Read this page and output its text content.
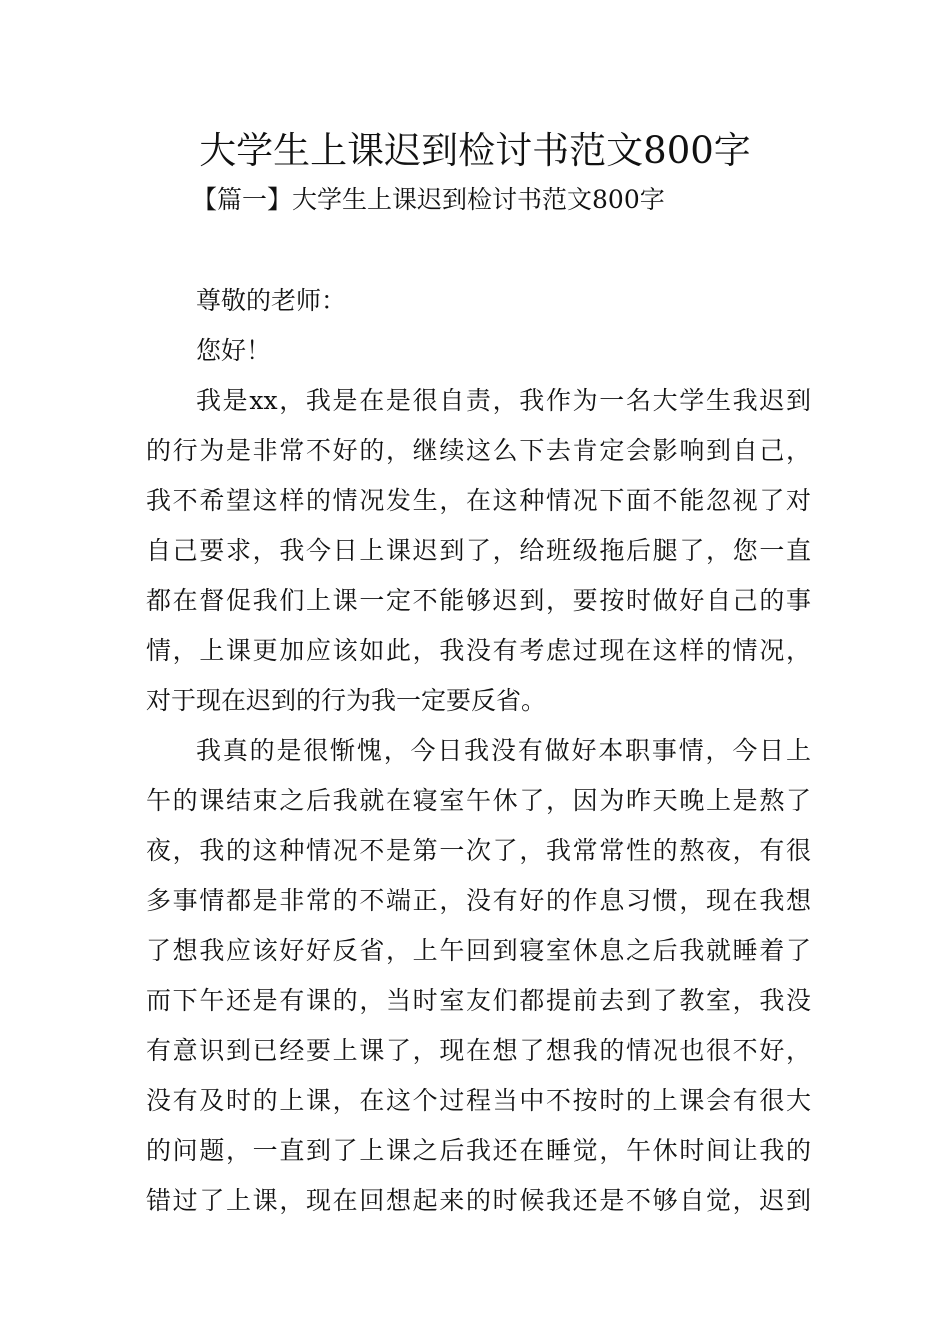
大学生上课迟到检讨书范文800字
【篇一】大学生上课迟到检讨书范文800字

尊敬的老师：

您好！

我是xx，我是在是很自责，我作为一名大学生我迟到
的行为是非常不好的，继续这么下去肯定会影响到自己，
我不希望这样的情况发生，在这种情况下面不能忽视了对
自己要求，我今日上课迟到了，给班级拖后腿了，您一直
都在督促我们上课一定不能够迟到，要按时做好自己的事
情，上课更加应该如此，我没有考虑过现在这样的情况，
对于现在迟到的行为我一定要反省。
我真的是很惭愧，今日我没有做好本职事情，今日上
午的课结束之后我就在寝室午休了，因为昨天晚上是熬了
夜，我的这种情况不是第一次了，我常常性的熬夜，有很
多事情都是非常的不端正，没有好的作息习惯，现在我想
了想我应该好好反省，上午回到寝室休息之后我就睡着了
而下午还是有课的，当时室友们都提前去到了教室，我没
有意识到已经要上课了，现在想了想我的情况也很不好，
没有及时的上课，在这个过程当中不按时的上课会有很大
的问题，一直到了上课之后我还在睡觉，午休时间让我的
错过了上课，现在回想起来的时候我还是不够自觉，迟到
